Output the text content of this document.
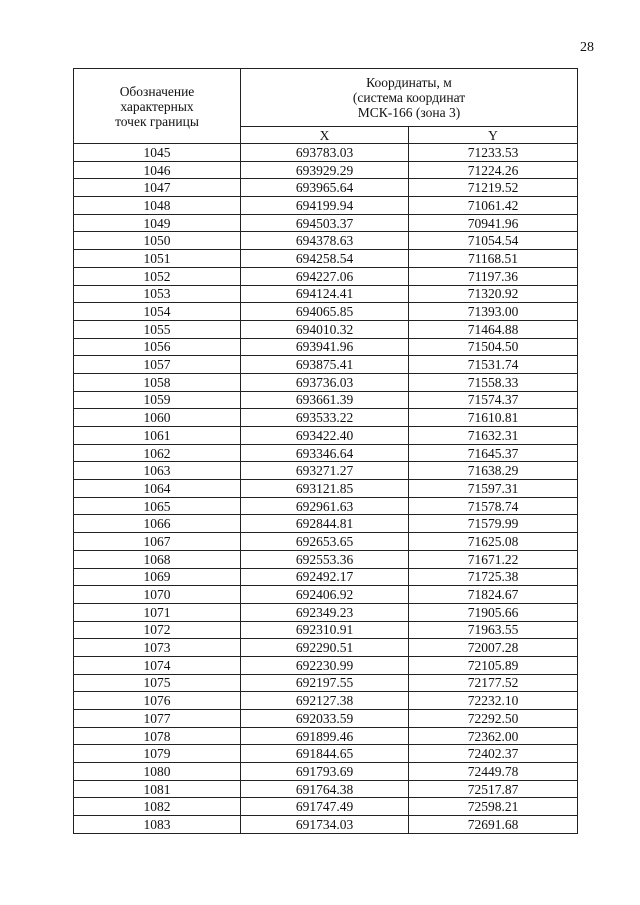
28
Обозначение
характерных
точек границы	Координаты, м
(система координат
МСК-166 (зона 3)	

	X	Y
1045	693783.03	71233.53
1046	693929.29	71224.26
1047	693965.64	71219.52
1048	694199.94	71061.42
1049	694503.37	70941.96
1050	694378.63	71054.54
1051	694258.54	71168.51
1052	694227.06	71197.36
1053	694124.41	71320.92
1054	694065.85	71393.00
1055	694010.32	71464.88
1056	693941.96	71504.50
1057	693875.41	71531.74
1058	693736.03	71558.33
1059	693661.39	71574.37
1060	693533.22	71610.81
1061	693422.40	71632.31
1062	693346.64	71645.37
1063	693271.27	71638.29
1064	693121.85	71597.31
1065	692961.63	71578.74
1066	692844.81	71579.99
1067	692653.65	71625.08
1068	692553.36	71671.22
1069	692492.17	71725.38
1070	692406.92	71824.67
1071	692349.23	71905.66
1072	692310.91	71963.55
1073	692290.51	72007.28
1074	692230.99	72105.89
1075	692197.55	72177.52
1076	692127.38	72232.10
1077	692033.59	72292.50
1078	691899.46	72362.00
1079	691844.65	72402.37
1080	691793.69	72449.78
1081	691764.38	72517.87
1082	691747.49	72598.21
1083	691734.03	72691.68
